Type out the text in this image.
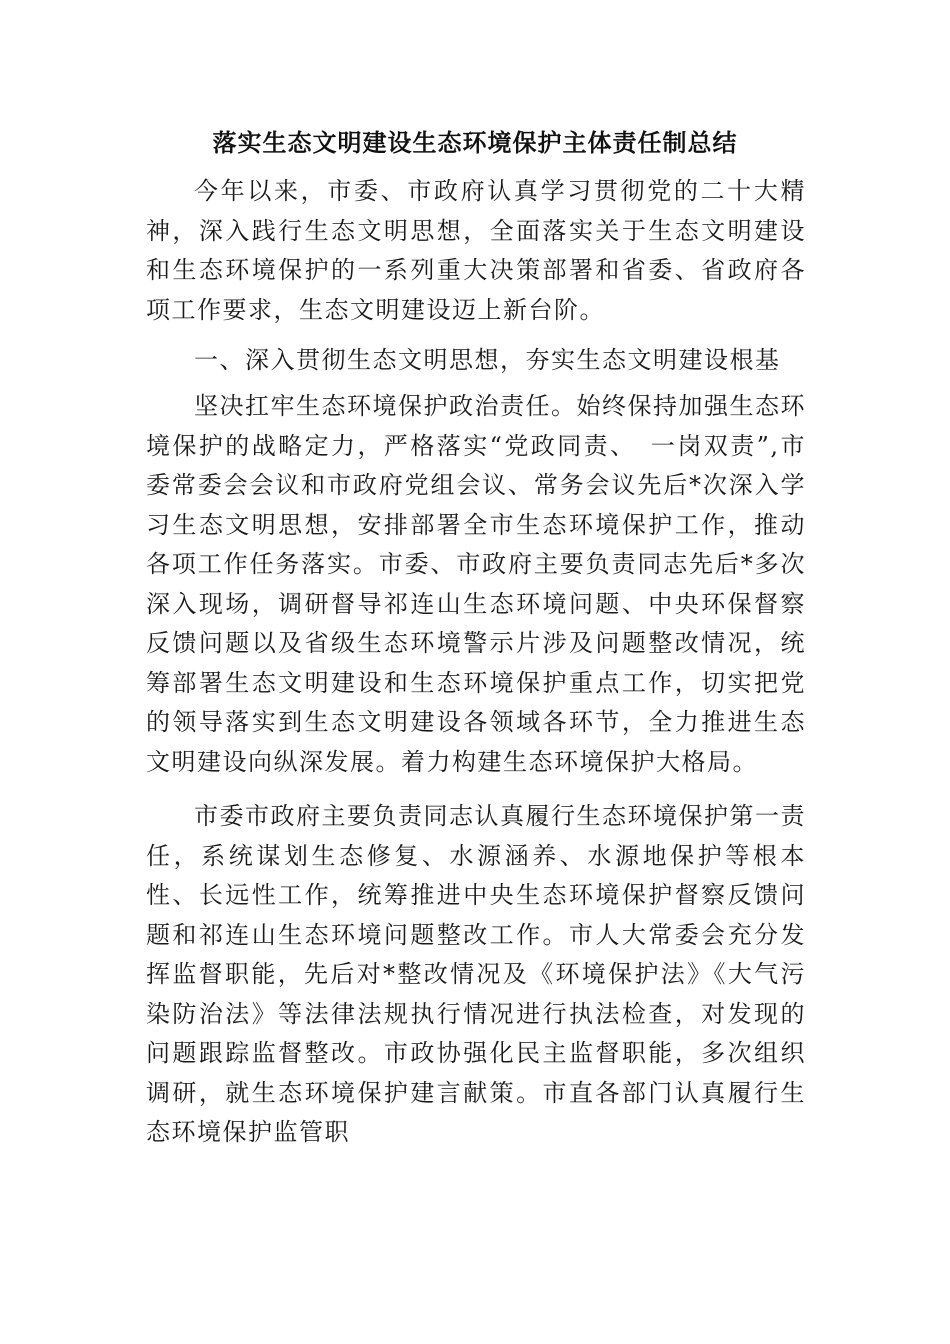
落实生态文明建设生态环境保护主体责任制总结

今年以来，市委、市政府认真学习贯彻党的二十大精神，深入践行生态文明思想，全面落实关于生态文明建设和生态环境保护的一系列重大决策部署和省委、省政府各项工作要求，生态文明建设迈上新台阶。

一、深入贯彻生态文明思想，夯实生态文明建设根基

坚决扛牢生态环境保护政治责任。始终保持加强生态环境保护的战略定力，严格落实“党政同责、　一岗双责”,市委常委会会议和市政府党组会议、常务会议先后*次深入学习生态文明思想，安排部署全市生态环境保护工作，推动各项工作任务落实。市委、市政府主要负责同志先后*多次深入现场，调研督导祁连山生态环境问题、中央环保督察反馈问题以及省级生态环境警示片涉及问题整改情况，统筹部署生态文明建设和生态环境保护重点工作，切实把党的领导落实到生态文明建设各领域各环节，全力推进生态文明建设向纵深发展。着力构建生态环境保护大格局。

市委市政府主要负责同志认真履行生态环境保护第一责任，系统谋划生态修复、水源涵养、水源地保护等根本性、长远性工作，统筹推进中央生态环境保护督察反馈问题和祁连山生态环境问题整改工作。市人大常委会充分发挥监督职能，先后对*整改情况及《环境保护法》《大气污染防治法》等法律法规执行情况进行执法检查，对发现的问题跟踪监督整改。市政协强化民主监督职能，多次组织调研，就生态环境保护建言献策。市直各部门认真履行生态环境保护监管职
